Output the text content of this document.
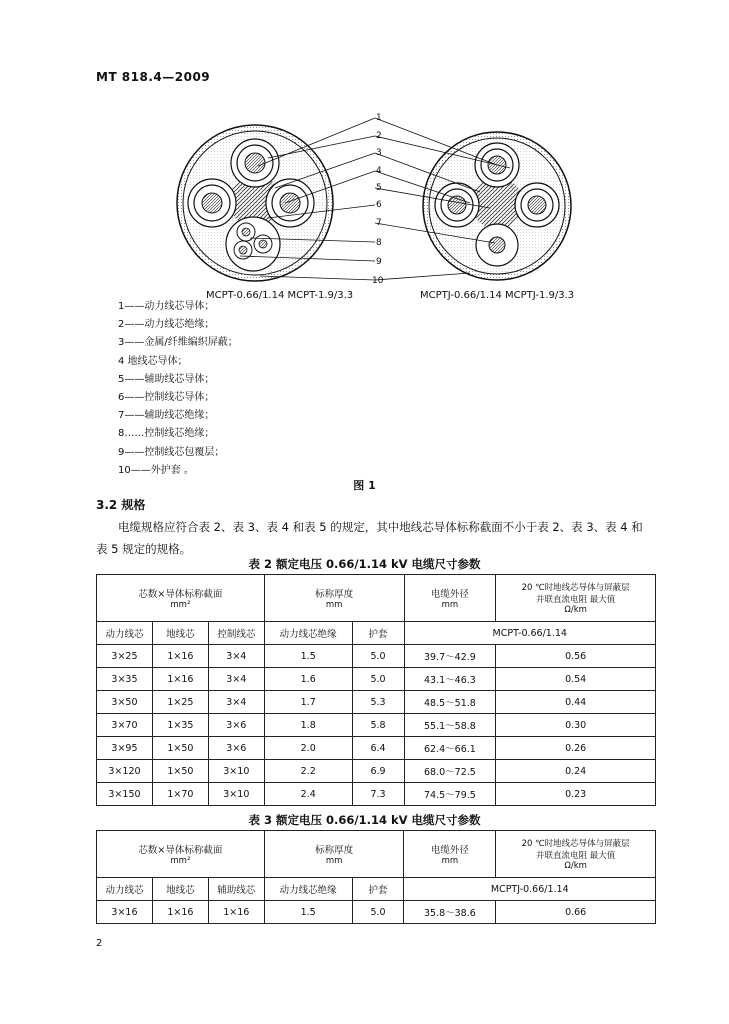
MT 818.4—2009
1
2
3
4
5
6
7
8
9
10
MCPT-0.66/1.14 MCPT-1.9/3.3	MCPTJ-0.66/1.14 MCPTJ-1.9/3.3
1——动力线芯导体；
2——动力线芯绝缘；
3——金属/纤维编织屏蔽；
4 地线芯导体；
5——辅助线芯导体；
6——控制线芯导体；
7——辅助线芯绝缘；
8……控制线芯绝缘；
9——控制线芯包覆层；
10——外护套 。
图 1
3.2 规格
电缆规格应符合表 2、表 3、表 4 和表 5 的规定，其中地线芯导体标称截面不小于表 2、表 3、表 4 和
表 5 规定的规格。
表 2 额定电压 0.66/1.14 kV 电缆尺寸参数
芯数×导体标称截面
mm²			标称厚度
mm		电缆外径
mm	20 ℃时地线芯导体与屏蔽层
并联直流电阻 最大值
Ω/km

动力线芯	地线芯	控制线芯	动力线芯绝缘	护套	MCPT-0.66/1.14	
3×25	1×16	3×4	1.5	5.0	39.7～42.9	0.56
3×35	1×16	3×4	1.6	5.0	43.1～46.3	0.54
3×50	1×25	3×4	1.7	5.3	48.5～51.8	0.44
3×70	1×35	3×6	1.8	5.8	55.1～58.8	0.30
3×95	1×50	3×6	2.0	6.4	62.4～66.1	0.26
3×120	1×50	3×10	2.2	6.9	68.0～72.5	0.24
3×150	1×70	3×10	2.4	7.3	74.5～79.5	0.23
表 3 额定电压 0.66/1.14 kV 电缆尺寸参数
芯数×导体标称截面
mm²			标称厚度
mm		电缆外径
mm	20 ℃时地线芯导体与屏蔽层
并联直流电阻 最大值
Ω/km

动力线芯	地线芯	辅助线芯	动力线芯绝缘	护套	MCPTJ-0.66/1.14	
3×16	1×16	1×16	1.5	5.0	35.8～38.6	0.66
2
